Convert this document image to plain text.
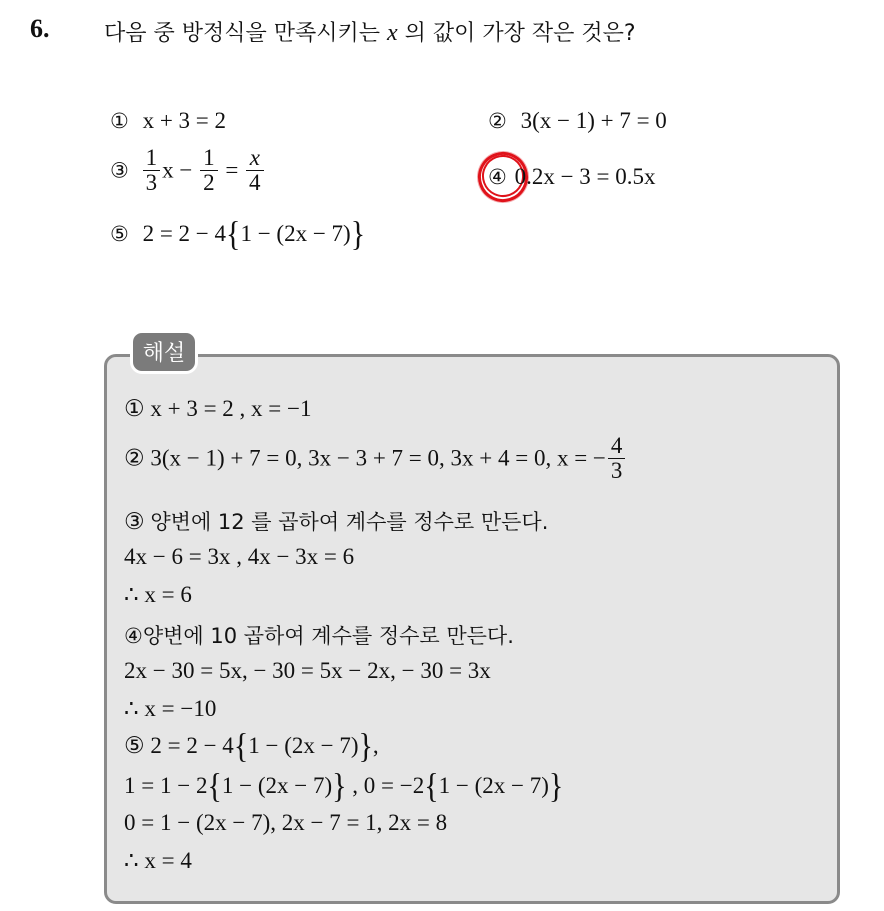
6. 다음 중 방정식을 만족시키는 x 의 값이 가장 작은 것은?
① x + 3 = 2	② 3(x − 1) + 7 = 0
③ $\frac{1}{3}$ $x - \frac{1}{2} = \frac{x}{4}$	④ 0.2x − 3 = 0.5x
⑤ 2 = 2 − 4{1 − (2x − 7)}
해설
① x + 3 = 2 , x = −1
② 3(x − 1) + 7 = 0, 3x − 3 + 7 = 0, 3x + 4 = 0, x = − $\frac{4}{3}$
③ 양변에 12 를 곱하여 계수를 정수로 만든다.
4x − 6 = 3x , 4x − 3x = 6
∴ x = 6
④양변에 10 곱하여 계수를 정수로 만든다.
2x − 30 = 5x, − 30 = 5x − 2x, − 30 = 3x
∴ x = −10
⑤ 2 = 2 − 4{1 − (2x − 7)},
1 = 1 − 2{1 − (2x − 7)} , 0 = −2{1 − (2x − 7)}
0 = 1 − (2x − 7), 2x − 7 = 1, 2x = 8
∴ x = 4
